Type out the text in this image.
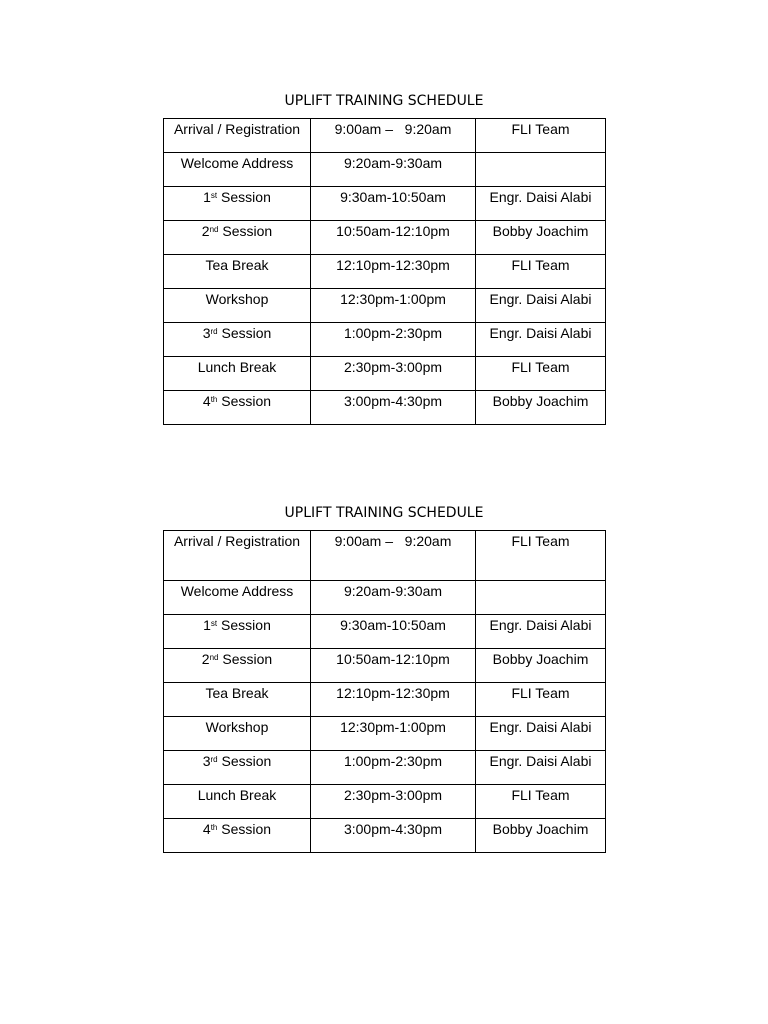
UPLIFT TRAINING SCHEDULE
Arrival / Registration	9:00am –   9:20am	FLI Team
Welcome Address	9:20am-9:30am	
1st Session	9:30am-10:50am	Engr. Daisi Alabi
2nd Session	10:50am-12:10pm	Bobby Joachim
Tea Break	12:10pm-12:30pm	FLI Team
Workshop	12:30pm-1:00pm	Engr. Daisi Alabi
3rd Session	1:00pm-2:30pm	Engr. Daisi Alabi
Lunch Break	2:30pm-3:00pm	FLI Team
4th Session	3:00pm-4:30pm	Bobby Joachim
UPLIFT TRAINING SCHEDULE
Arrival / Registration	9:00am –   9:20am	FLI Team
Welcome Address	9:20am-9:30am	
1st Session	9:30am-10:50am	Engr. Daisi Alabi
2nd Session	10:50am-12:10pm	Bobby Joachim
Tea Break	12:10pm-12:30pm	FLI Team
Workshop	12:30pm-1:00pm	Engr. Daisi Alabi
3rd Session	1:00pm-2:30pm	Engr. Daisi Alabi
Lunch Break	2:30pm-3:00pm	FLI Team
4th Session	3:00pm-4:30pm	Bobby Joachim
